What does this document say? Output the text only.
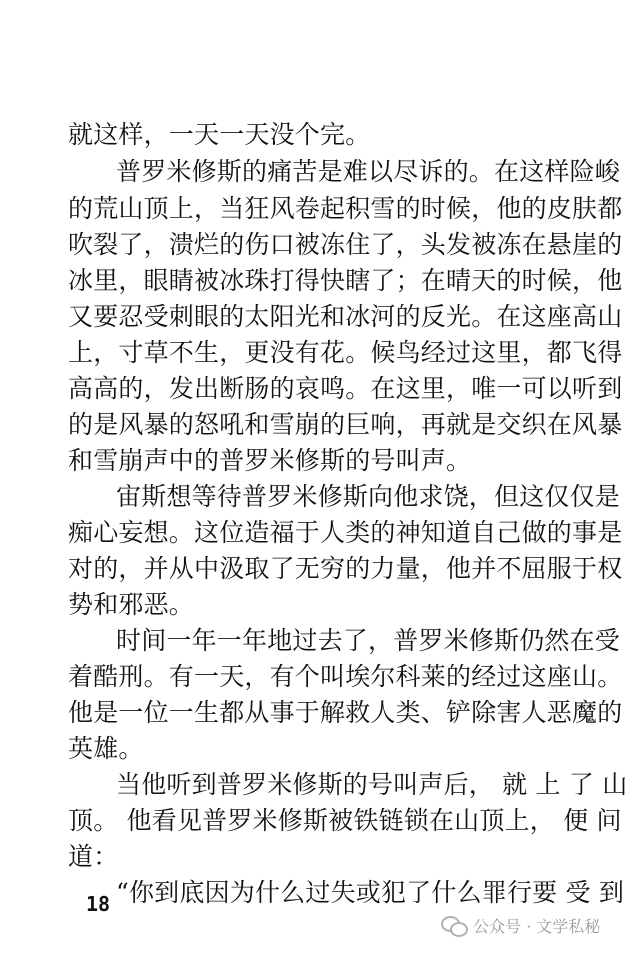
就这样，一天一天没个完。
普罗米修斯的痛苦是难以尽诉的。在这样险峻
的荒山顶上，当狂风卷起积雪的时候，他的皮肤都
吹裂了，溃烂的伤口被冻住了，头发被冻在悬崖的
冰里，眼睛被冰珠打得快瞎了；在晴天的时候，他
又要忍受刺眼的太阳光和冰河的反光。在这座高山
上，寸草不生，更没有花。候鸟经过这里，都飞得
高高的，发出断肠的哀鸣。在这里，唯一可以听到
的是风暴的怒吼和雪崩的巨响，再就是交织在风暴
和雪崩声中的普罗米修斯的号叫声。
宙斯想等待普罗米修斯向他求饶，但这仅仅是
痴心妄想。这位造福于人类的神知道自己做的事是
对的，并从中汲取了无穷的力量，他并不屈服于权
势和邪恶。
时间一年一年地过去了，普罗米修斯仍然在受
着酷刑。有一天，有个叫埃尔科莱的经过这座山。
他是一位一生都从事于解救人类、铲除害人恶魔的
英雄。
当他听到普罗米修斯的号叫声后， 就 上 了 山
顶。 他看见普罗米修斯被铁链锁在山顶上， 便 问
道：
“你到底因为什么过失或犯了什么罪行要 受 到
18
公众号 · 文学私秘
